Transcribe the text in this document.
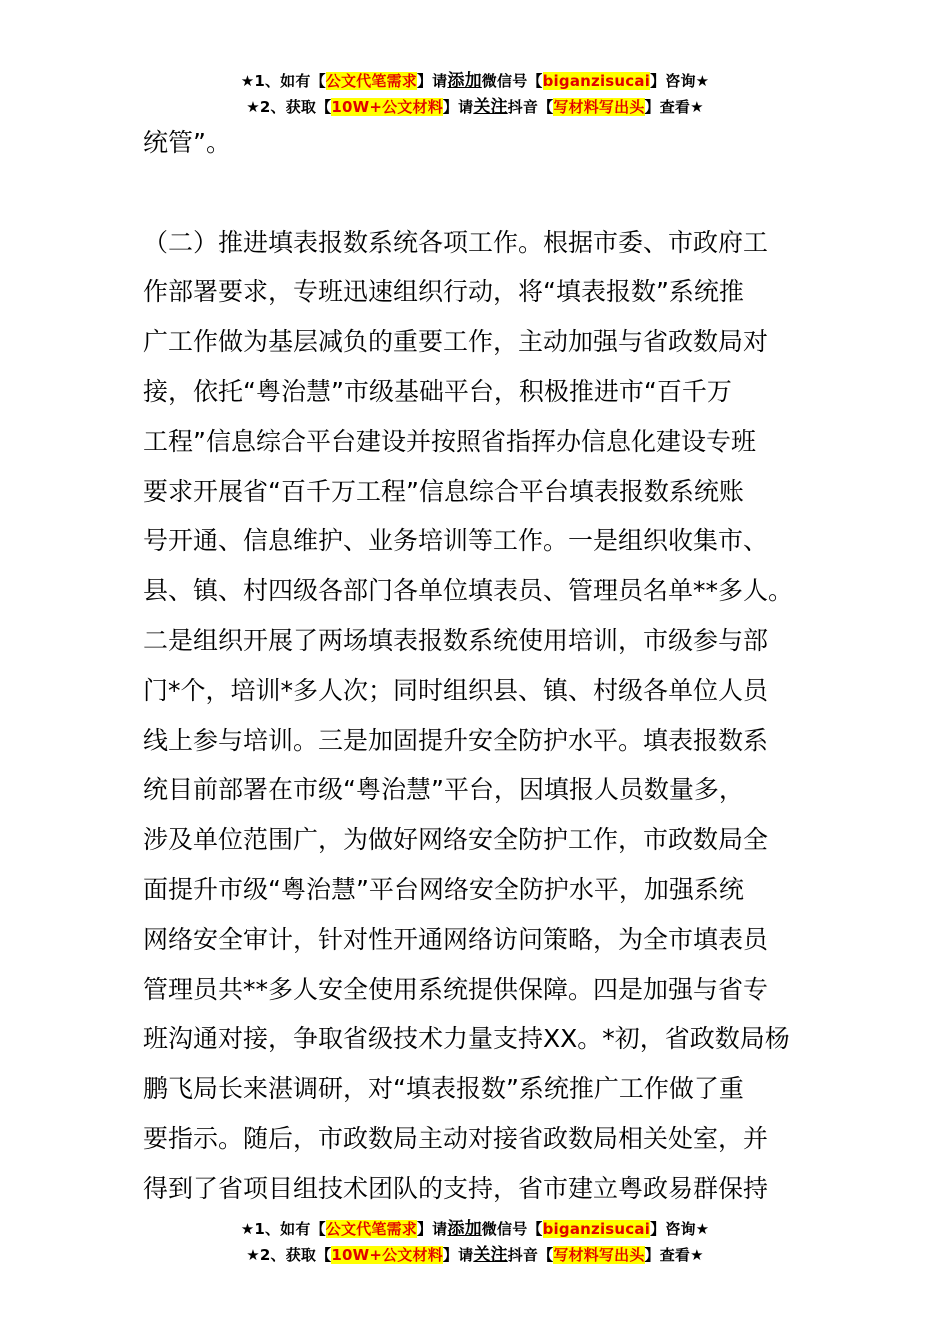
★1、如有【公文代笔需求】请添加微信号【biganzisucai】咨询★
★2、获取【10W+公文材料】请关注抖音【写材料写出头】查看★
统管”。
（二）推进填表报数系统各项工作。根据市委、市政府工
作部署要求，专班迅速组织行动，将“填表报数”系统推
广工作做为基层减负的重要工作，主动加强与省政数局对
接，依托“粤治慧”市级基础平台，积极推进市“百千万
工程”信息综合平台建设并按照省指挥办信息化建设专班
要求开展省“百千万工程”信息综合平台填表报数系统账
号开通、信息维护、业务培训等工作。一是组织收集市、
县、镇、村四级各部门各单位填表员、管理员名单**多人。
二是组织开展了两场填表报数系统使用培训，市级参与部
门*个，培训*多人次；同时组织县、镇、村级各单位人员
线上参与培训。三是加固提升安全防护水平。填表报数系
统目前部署在市级“粤治慧”平台，因填报人员数量多，
涉及单位范围广，为做好网络安全防护工作，市政数局全
面提升市级“粤治慧”平台网络安全防护水平，加强系统
网络安全审计，针对性开通网络访问策略，为全市填表员
管理员共**多人安全使用系统提供保障。四是加强与省专
班沟通对接，争取省级技术力量支持XX。*初，省政数局杨
鹏飞局长来湛调研，对“填表报数”系统推广工作做了重
要指示。随后，市政数局主动对接省政数局相关处室，并
得到了省项目组技术团队的支持，省市建立粤政易群保持
★1、如有【公文代笔需求】请添加微信号【biganzisucai】咨询★
★2、获取【10W+公文材料】请关注抖音【写材料写出头】查看★
